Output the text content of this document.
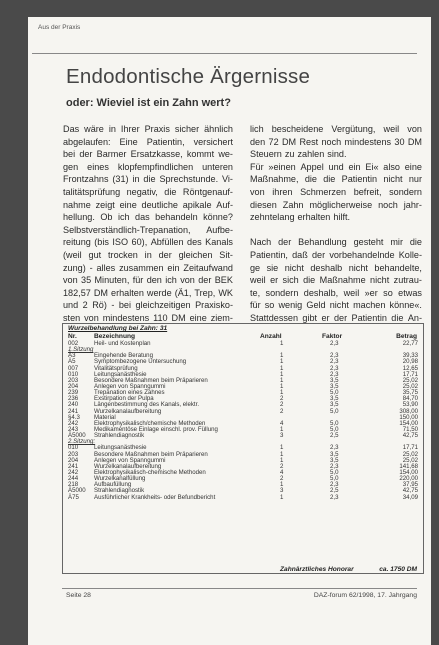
Aus der Praxis
Endodontische Ärgernisse
oder: Wieviel ist ein Zahn wert?
Das wäre in Ihrer Praxis sicher ähnlich
abgelaufen: Eine Patientin, versichert
bei der Barmer Ersatzkasse, kommt we-
gen eines klopfempfindlichen unteren
Frontzahns (31) in die Sprechstunde. Vi-
talitätsprüfung negativ, die Röntgenauf-
nahme zeigt eine deutliche apikale Auf-
hellung. Ob ich das behandeln könne?
Selbstverständlich-Trepanation, Aufbe-
reitung (bis ISO 60), Abfüllen des Kanals
(weil gut trocken in der gleichen Sit-
zung) - alles zusammen ein Zeitaufwand
von 35 Minuten, für den ich von der BEK
182,57 DM erhalten werde (Ä1, Trep, WK
und 2 Rö) - bei gleichzeitigen Praxisko-
sten von mindestens 110 DM eine ziem-
lich bescheidene Vergütung, weil von
den 72 DM Rest noch mindestens 30 DM
Steuern zu zahlen sind.
Für »einen Appel und ein Ei« also eine
Maßnahme, die die Patientin nicht nur
von ihren Schmerzen befreit, sondern
diesen Zahn möglicherweise noch jahr-
zehntelang erhalten hilft.
Nach der Behandlung gesteht mir die
Patientin, daß der vorbehandelnde Kolle-
ge sie nicht deshalb nicht behandelte,
weil er sich die Maßnahme nicht zutrau-
te, sondern deshalb, weil »er so etwas
für so wenig Geld nicht machen könne«.
Stattdessen gibt er der Patientin die An-
Wurzelbehandlung bei Zahn: 31
Nr.	Bezeichnung	Anzahl	Faktor	Betrag
002	Heil- und Kostenplan	1	2,3	22,77
1.Sitzung
Ä3	Eingehende Beratung	1	2,3	39,33
Ä5	Symptombezogene Untersuchung	1	2,3	20,98
007	Vitalitätsprüfung	1	2,3	12,65
010	Leitungsanästhesie	1	2,3	17,71
203	Besondere Maßnahmen beim Präparieren	1	3,5	25,02
204	Anlegen von Spanngummi	1	3,5	25,02
239	Trepanation eines Zahnes	1	5,0	35,75
236	Exstirpation der Pulpa	2	3,5	84,70
240	Längenbestimmung des Kanals, elektr.	2	3,5	53,90
241	Wurzelkanalaufbereitung	2	5,0	308,00
§4.3 Material	150,00
242	Elektrophysikalisch/chemische Methoden	4	5,0	154,00
243	Medikamentöse Einlage einschl. prov. Füllung	1	5,0	71,50
Ä5000 Strahlendiagnostik	3	2,5	42,75
2.Sitzung:
010	Leitungsanästhesie	1	2,3	17,71
203	Besondere Maßnahmen beim Präparieren	1	3,5	25,02
204	Anlegen von Spanngummi	1	3,5	25,02
241	Wurzelkanalaufbereitung	2	2,3	141,68
242	Elektrophysikalisch-chemische Methoden	4	5,0	154,00
244	Wurzelkanalfüllung	2	5,0	220,00
218	Aufbaufüllung	1	2,3	37,95
Ä5000 Strahlendiagnostik	3	2,5	42,75
Ä75 Ausführlicher Krankheits- oder Befundbericht	1	2,3	34,09
Zahnärztliches Honorar	ca. 1750 DM
Seite 28	DAZ-forum 62/1998, 17. Jahrgang
